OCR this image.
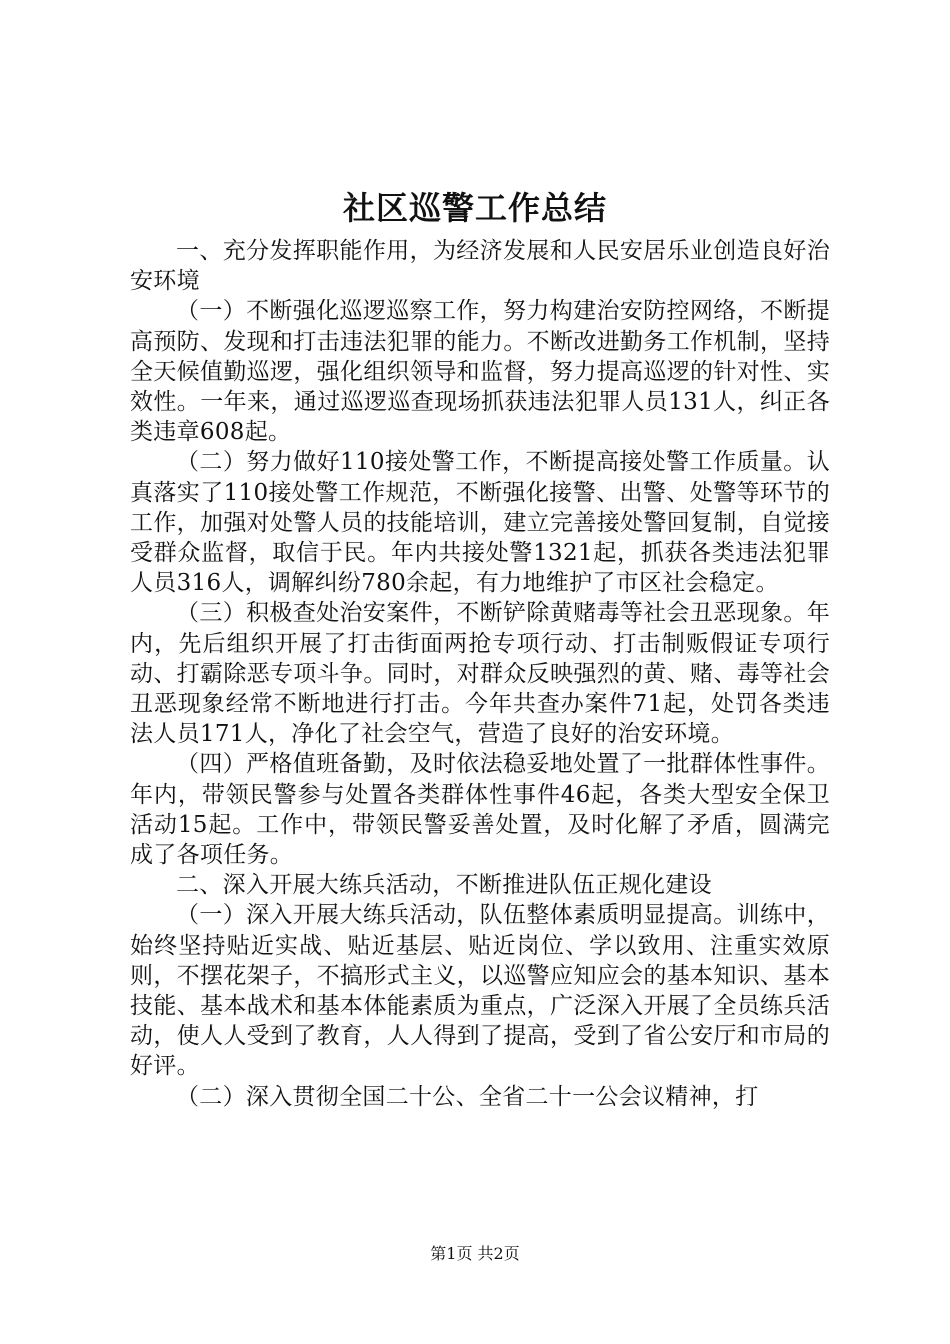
社区巡警工作总结

一、充分发挥职能作用，为经济发展和人民安居乐业创造良好治安环境

（一）不断强化巡逻巡察工作，努力构建治安防控网络，不断提高预防、发现和打击违法犯罪的能力。不断改进勤务工作机制，坚持全天候值勤巡逻，强化组织领导和监督，努力提高巡逻的针对性、实效性。一年来，通过巡逻巡查现场抓获违法犯罪人员131人，纠正各类违章608起。

（二）努力做好110接处警工作，不断提高接处警工作质量。认真落实了110接处警工作规范，不断强化接警、出警、处警等环节的工作，加强对处警人员的技能培训，建立完善接处警回复制，自觉接受群众监督，取信于民。年内共接处警1321起，抓获各类违法犯罪人员316人，调解纠纷780余起，有力地维护了市区社会稳定。

（三）积极查处治安案件，不断铲除黄赌毒等社会丑恶现象。年内，先后组织开展了打击街面两抢专项行动、打击制贩假证专项行动、打霸除恶专项斗争。同时，对群众反映强烈的黄、赌、毒等社会丑恶现象经常不断地进行打击。今年共查办案件71起，处罚各类违法人员171人，净化了社会空气，营造了良好的治安环境。

（四）严格值班备勤，及时依法稳妥地处置了一批群体性事件。年内，带领民警参与处置各类群体性事件46起，各类大型安全保卫活动15起。工作中，带领民警妥善处置，及时化解了矛盾，圆满完成了各项任务。

二、深入开展大练兵活动，不断推进队伍正规化建设

（一）深入开展大练兵活动，队伍整体素质明显提高。训练中，始终坚持贴近实战、贴近基层、贴近岗位、学以致用、注重实效原则，不摆花架子，不搞形式主义，以巡警应知应会的基本知识、基本技能、基本战术和基本体能素质为重点，广泛深入开展了全员练兵活动，使人人受到了教育，人人得到了提高，受到了省公安厅和市局的好评。

（二）深入贯彻全国二十公、全省二十一公会议精神，打

第1页 共2页
